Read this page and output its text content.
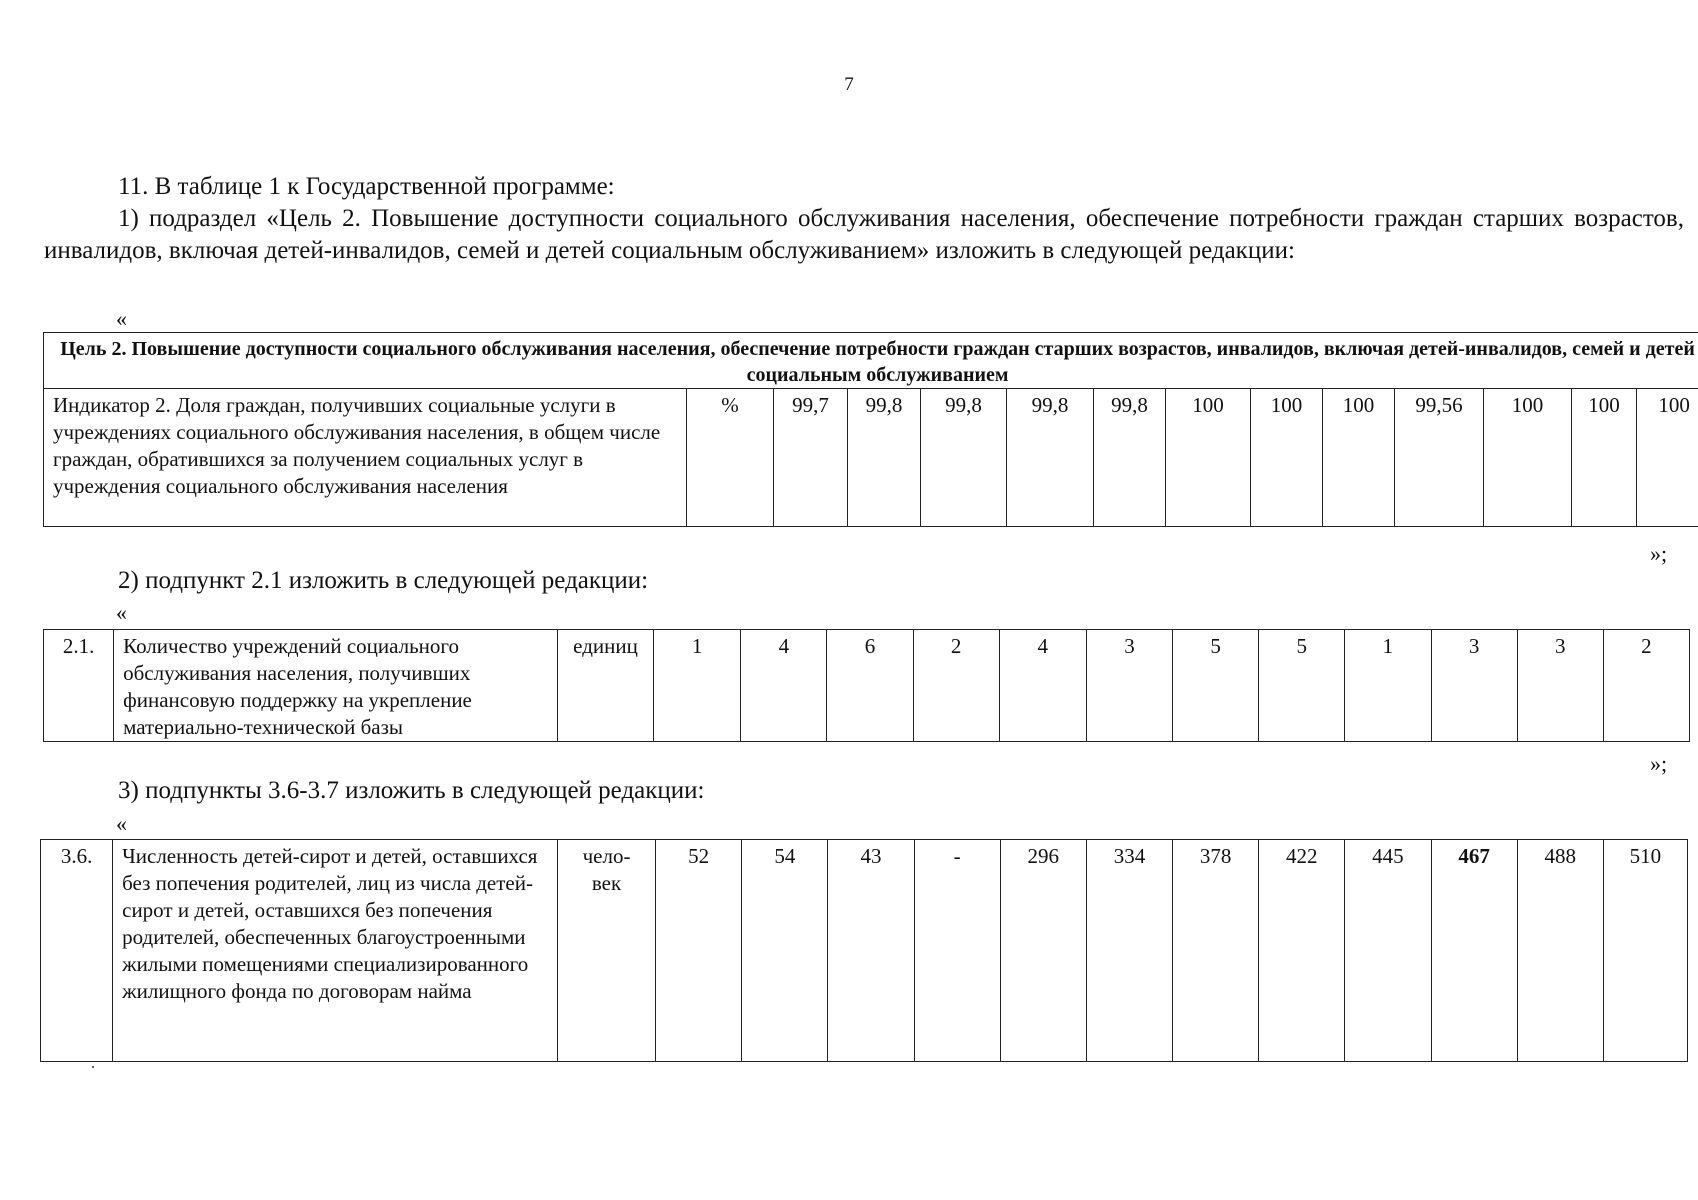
7
11. В таблице 1 к Государственной программе:
1) подраздел «Цель 2. Повышение доступности социального обслуживания населения, обеспечение потребности граждан старших возрастов, инвалидов, включая детей-инвалидов, семей и детей социальным обслуживанием» изложить в следующей редакции:
«
Цель 2. Повышение доступности социального обслуживания населения, обеспечение потребности граждан старших возрастов, инвалидов, включая детей-инвалидов, семей и детей социальным обслуживанием
Индикатор 2. Доля граждан, получивших социальные услуги в учреждениях социального обслуживания населения, в общем числе граждан, обратившихся за получением социальных услуг в учреждения социального обслуживания населения	%	99,7	99,8	99,8	99,8	99,8	100	100	100	99,56	100	100	100
»;
2) подпункт 2.1 изложить в следующей редакции:
«
2.1.	Количество учреждений социального обслуживания населения, получивших финансовую поддержку на укрепление материально-технической базы	единиц	1	4	6	2	4	3	5	5	1	3	3	2
»;
3) подпункты 3.6-3.7 изложить в следующей редакции:
«
3.6.	Численность детей-сирот и детей, оставшихся без попечения родителей, лиц из числа детей-сирот и детей, оставшихся без попечения родителей, обеспеченных благоустроенными жилыми помещениями специализированного жилищного фонда по договорам найма	чело-
век	52	54	43	-	296	334	378	422	445	467	488	510
